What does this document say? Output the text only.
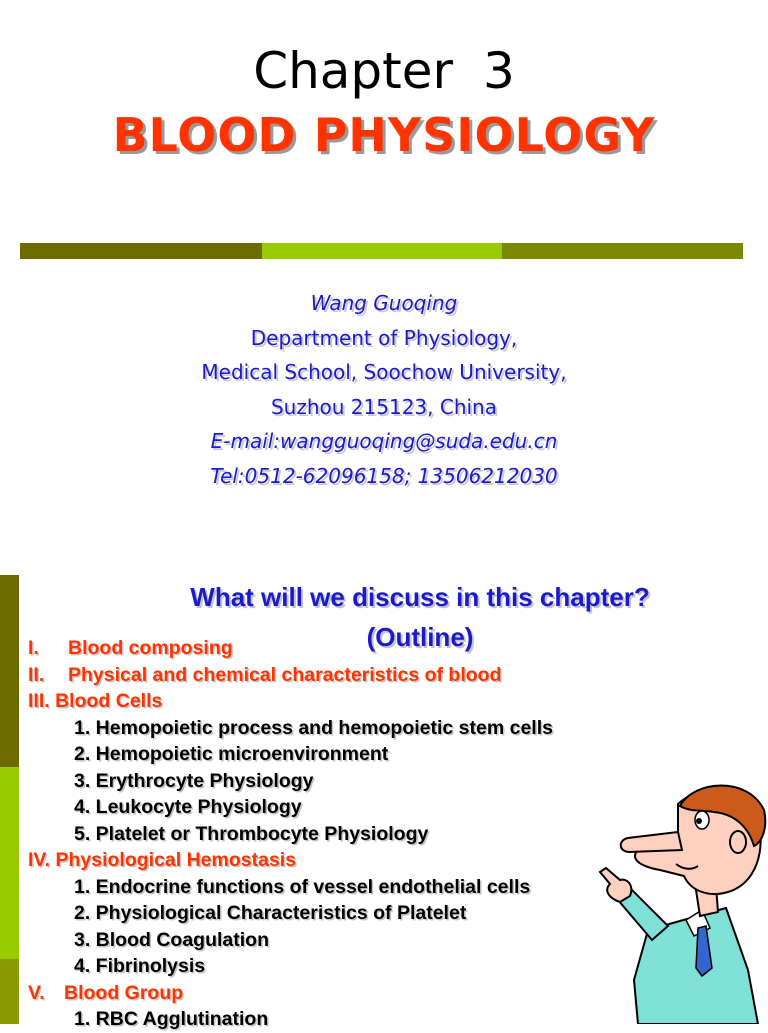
Chapter 3
BLOOD PHYSIOLOGY
Wang Guoqing
Department of Physiology,
Medical School, Soochow University,
Suzhou 215123, China
E-mail:wangguoqing@suda.edu.cn
Tel:0512-62096158; 13506212030
What will we discuss in this chapter?
(Outline)
I. Blood composing
II. Physical and chemical characteristics of blood
III. Blood Cells
1. Hemopoietic process and hemopoietic stem cells
2. Hemopoietic microenvironment
3. Erythrocyte Physiology
4. Leukocyte Physiology
5. Platelet or Thrombocyte Physiology
IV. Physiological Hemostasis
1. Endocrine functions of vessel endothelial cells
2. Physiological Characteristics of Platelet
3. Blood Coagulation
4. Fibrinolysis
V. Blood Group
1. RBC Agglutination
